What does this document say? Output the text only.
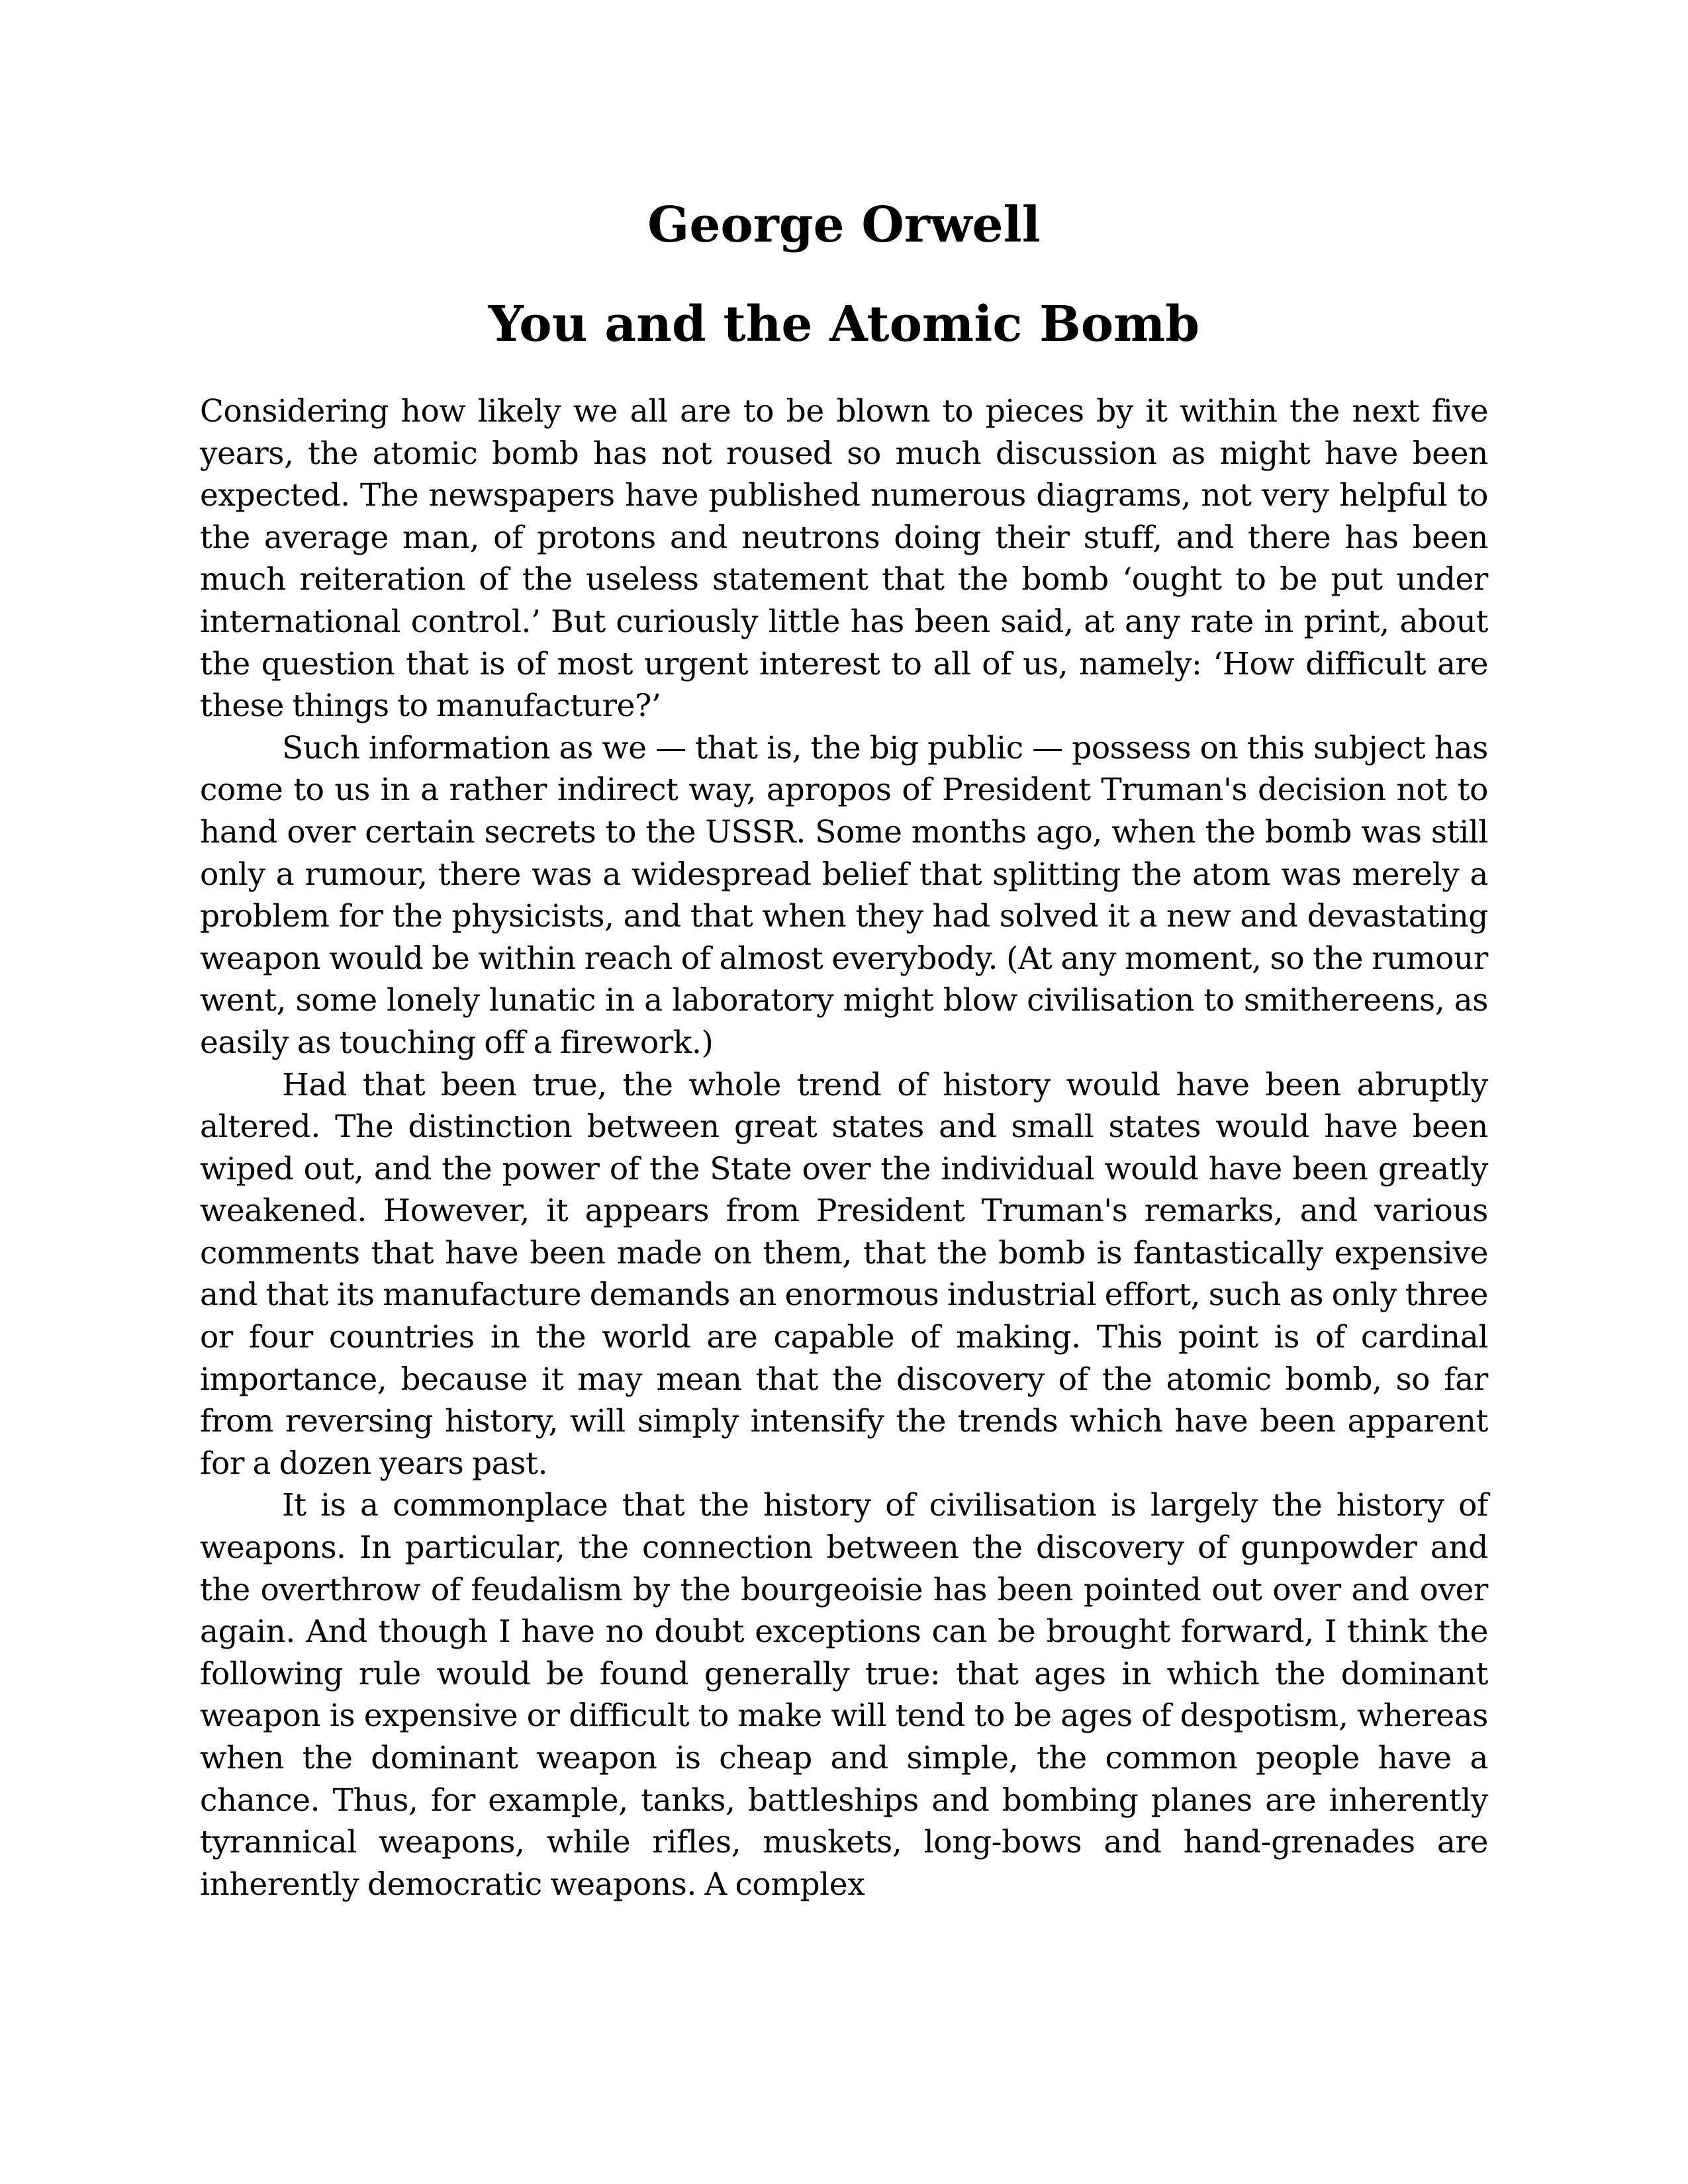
George Orwell
You and the Atomic Bomb

Considering how likely we all are to be blown to pieces by it within the next five years, the atomic bomb has not roused so much discussion as might have been expected. The newspapers have published numerous diagrams, not very helpful to the average man, of protons and neutrons doing their stuff, and there has been much reiteration of the useless statement that the bomb ‘ought to be put under international control.’ But curiously little has been said, at any rate in print, about the question that is of most urgent interest to all of us, namely: ‘How difficult are these things to manufacture?’

Such information as we — that is, the big public — possess on this subject has come to us in a rather indirect way, apropos of President Truman's decision not to hand over certain secrets to the USSR. Some months ago, when the bomb was still only a rumour, there was a widespread belief that splitting the atom was merely a problem for the physicists, and that when they had solved it a new and devastating weapon would be within reach of almost everybody. (At any moment, so the rumour went, some lonely lunatic in a laboratory might blow civilisation to smithereens, as easily as touching off a firework.)

Had that been true, the whole trend of history would have been abruptly altered. The distinction between great states and small states would have been wiped out, and the power of the State over the individual would have been greatly weakened. However, it appears from President Truman's remarks, and various comments that have been made on them, that the bomb is fantastically expensive and that its manufacture demands an enormous industrial effort, such as only three or four countries in the world are capable of making. This point is of cardinal importance, because it may mean that the discovery of the atomic bomb, so far from reversing history, will simply intensify the trends which have been apparent for a dozen years past.

It is a commonplace that the history of civilisation is largely the history of weapons. In particular, the connection between the discovery of gunpowder and the overthrow of feudalism by the bourgeoisie has been pointed out over and over again. And though I have no doubt exceptions can be brought forward, I think the following rule would be found generally true: that ages in which the dominant weapon is expensive or difficult to make will tend to be ages of despotism, whereas when the dominant weapon is cheap and simple, the common people have a chance. Thus, for example, tanks, battleships and bombing planes are inherently tyrannical weapons, while rifles, muskets, long-bows and hand-grenades are inherently democratic weapons. A complex
